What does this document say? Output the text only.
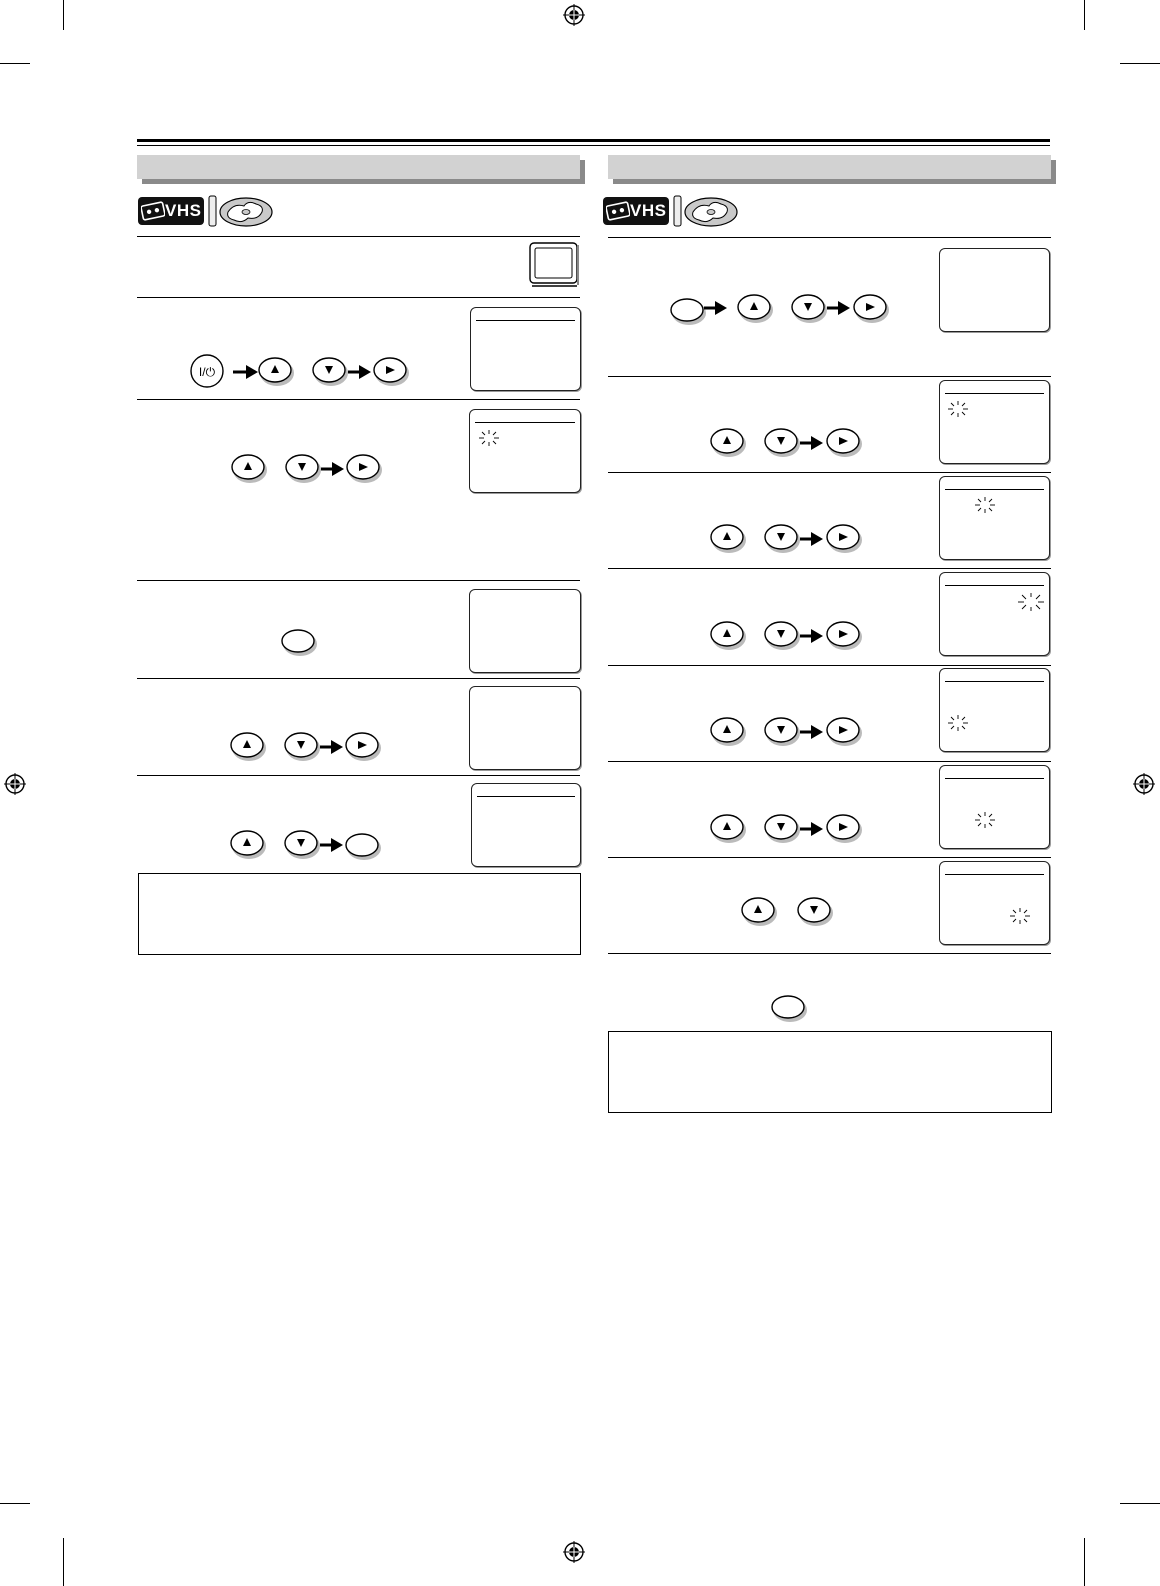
VHS	VHS
I/⏻
